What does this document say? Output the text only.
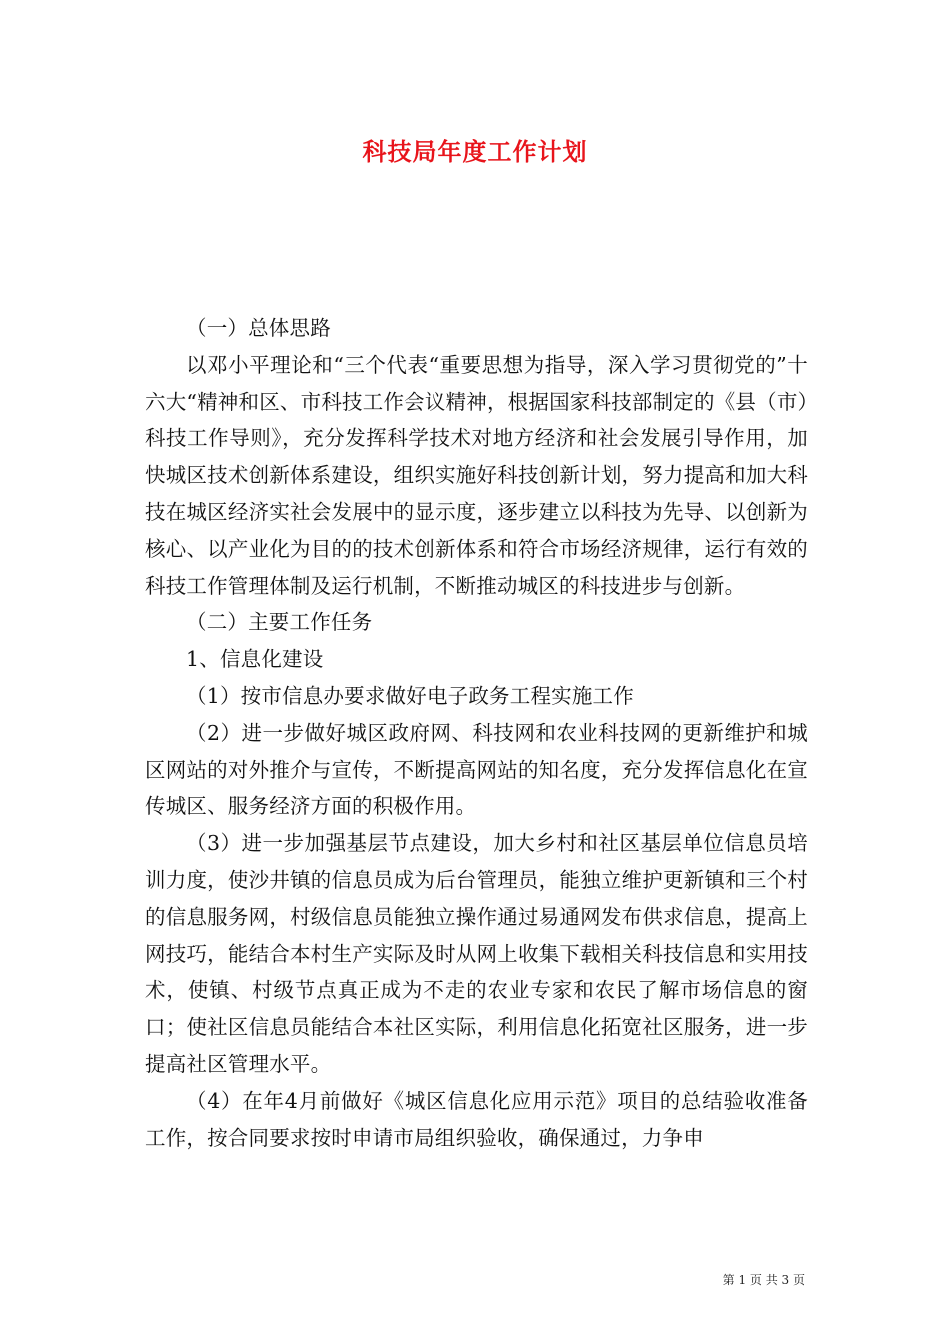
科技局年度工作计划

（一）总体思路

以邓小平理论和“三个代表“重要思想为指导，深入学习贯彻党的”十六大“精神和区、市科技工作会议精神，根据国家科技部制定的《县（市）科技工作导则》，充分发挥科学技术对地方经济和社会发展引导作用，加快城区技术创新体系建设，组织实施好科技创新计划，努力提高和加大科技在城区经济实社会发展中的显示度，逐步建立以科技为先导、以创新为核心、以产业化为目的的技术创新体系和符合市场经济规律，运行有效的科技工作管理体制及运行机制，不断推动城区的科技进步与创新。

（二）主要工作任务

1、信息化建设

（1）按市信息办要求做好电子政务工程实施工作

（2）进一步做好城区政府网、科技网和农业科技网的更新维护和城区网站的对外推介与宣传，不断提高网站的知名度，充分发挥信息化在宣传城区、服务经济方面的积极作用。

（3）进一步加强基层节点建设，加大乡村和社区基层单位信息员培训力度，使沙井镇的信息员成为后台管理员，能独立维护更新镇和三个村的信息服务网，村级信息员能独立操作通过易通网发布供求信息，提高上网技巧，能结合本村生产实际及时从网上收集下载相关科技信息和实用技术，使镇、村级节点真正成为不走的农业专家和农民了解市场信息的窗口；使社区信息员能结合本社区实际，利用信息化拓宽社区服务，进一步提高社区管理水平。

（4）在年4月前做好《城区信息化应用示范》项目的总结验收准备工作，按合同要求按时申请市局组织验收，确保通过，力争申

第 1 页 共 3 页
